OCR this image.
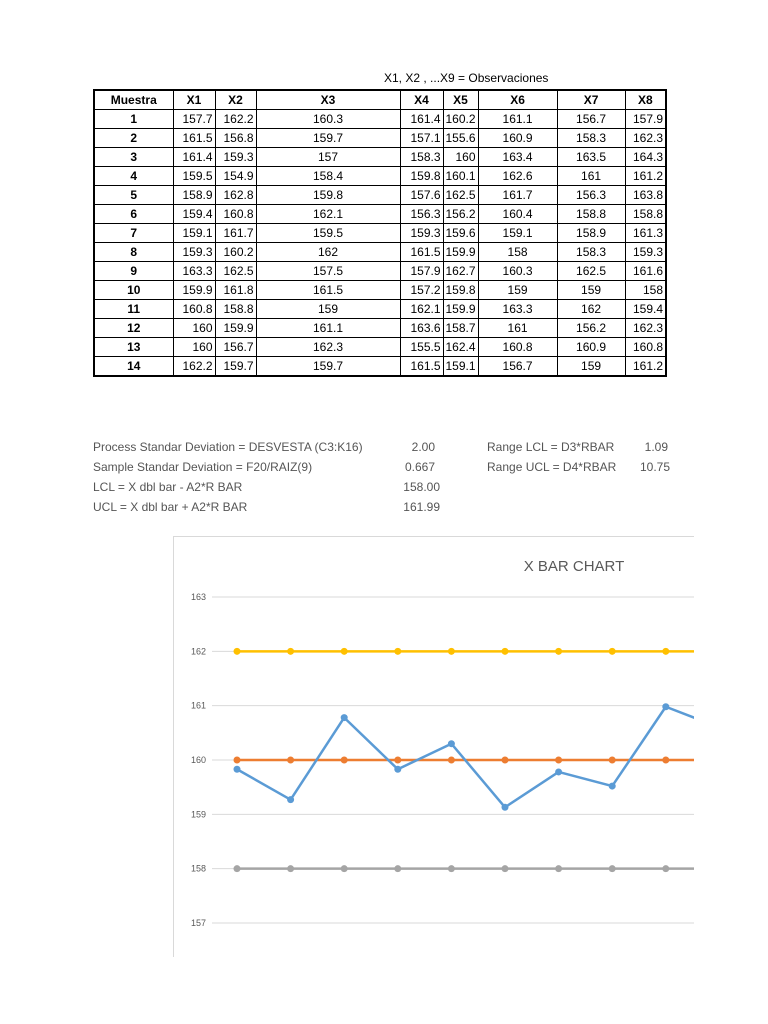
X1, X2 , ...X9 = Observaciones
Muestra	X1	X2	X3	X4	X5	X6	X7	X8
1	157.7	162.2	160.3	161.4	160.2	161.1	156.7	157.9
2	161.5	156.8	159.7	157.1	155.6	160.9	158.3	162.3
3	161.4	159.3	157	158.3	160	163.4	163.5	164.3
4	159.5	154.9	158.4	159.8	160.1	162.6	161	161.2
5	158.9	162.8	159.8	157.6	162.5	161.7	156.3	163.8
6	159.4	160.8	162.1	156.3	156.2	160.4	158.8	158.8
7	159.1	161.7	159.5	159.3	159.6	159.1	158.9	161.3
8	159.3	160.2	162	161.5	159.9	158	158.3	159.3
9	163.3	162.5	157.5	157.9	162.7	160.3	162.5	161.6
10	159.9	161.8	161.5	157.2	159.8	159	159	158
11	160.8	158.8	159	162.1	159.9	163.3	162	159.4
12	160	159.9	161.1	163.6	158.7	161	156.2	162.3
13	160	156.7	162.3	155.5	162.4	160.8	160.9	160.8
14	162.2	159.7	159.7	161.5	159.1	156.7	159	161.2
Process Standar Deviation = DESVESTA (C3:K16)	2.00
Sample Standar Deviation = F20/RAIZ(9)	0.667
LCL = X dbl bar - A2*R BAR	158.00
UCL = X dbl bar + A2*R BAR	161.99
Range LCL = D3*RBAR	1.09
Range UCL = D4*RBAR	10.75
X BAR CHART
163
162
161
160
159
158
157
